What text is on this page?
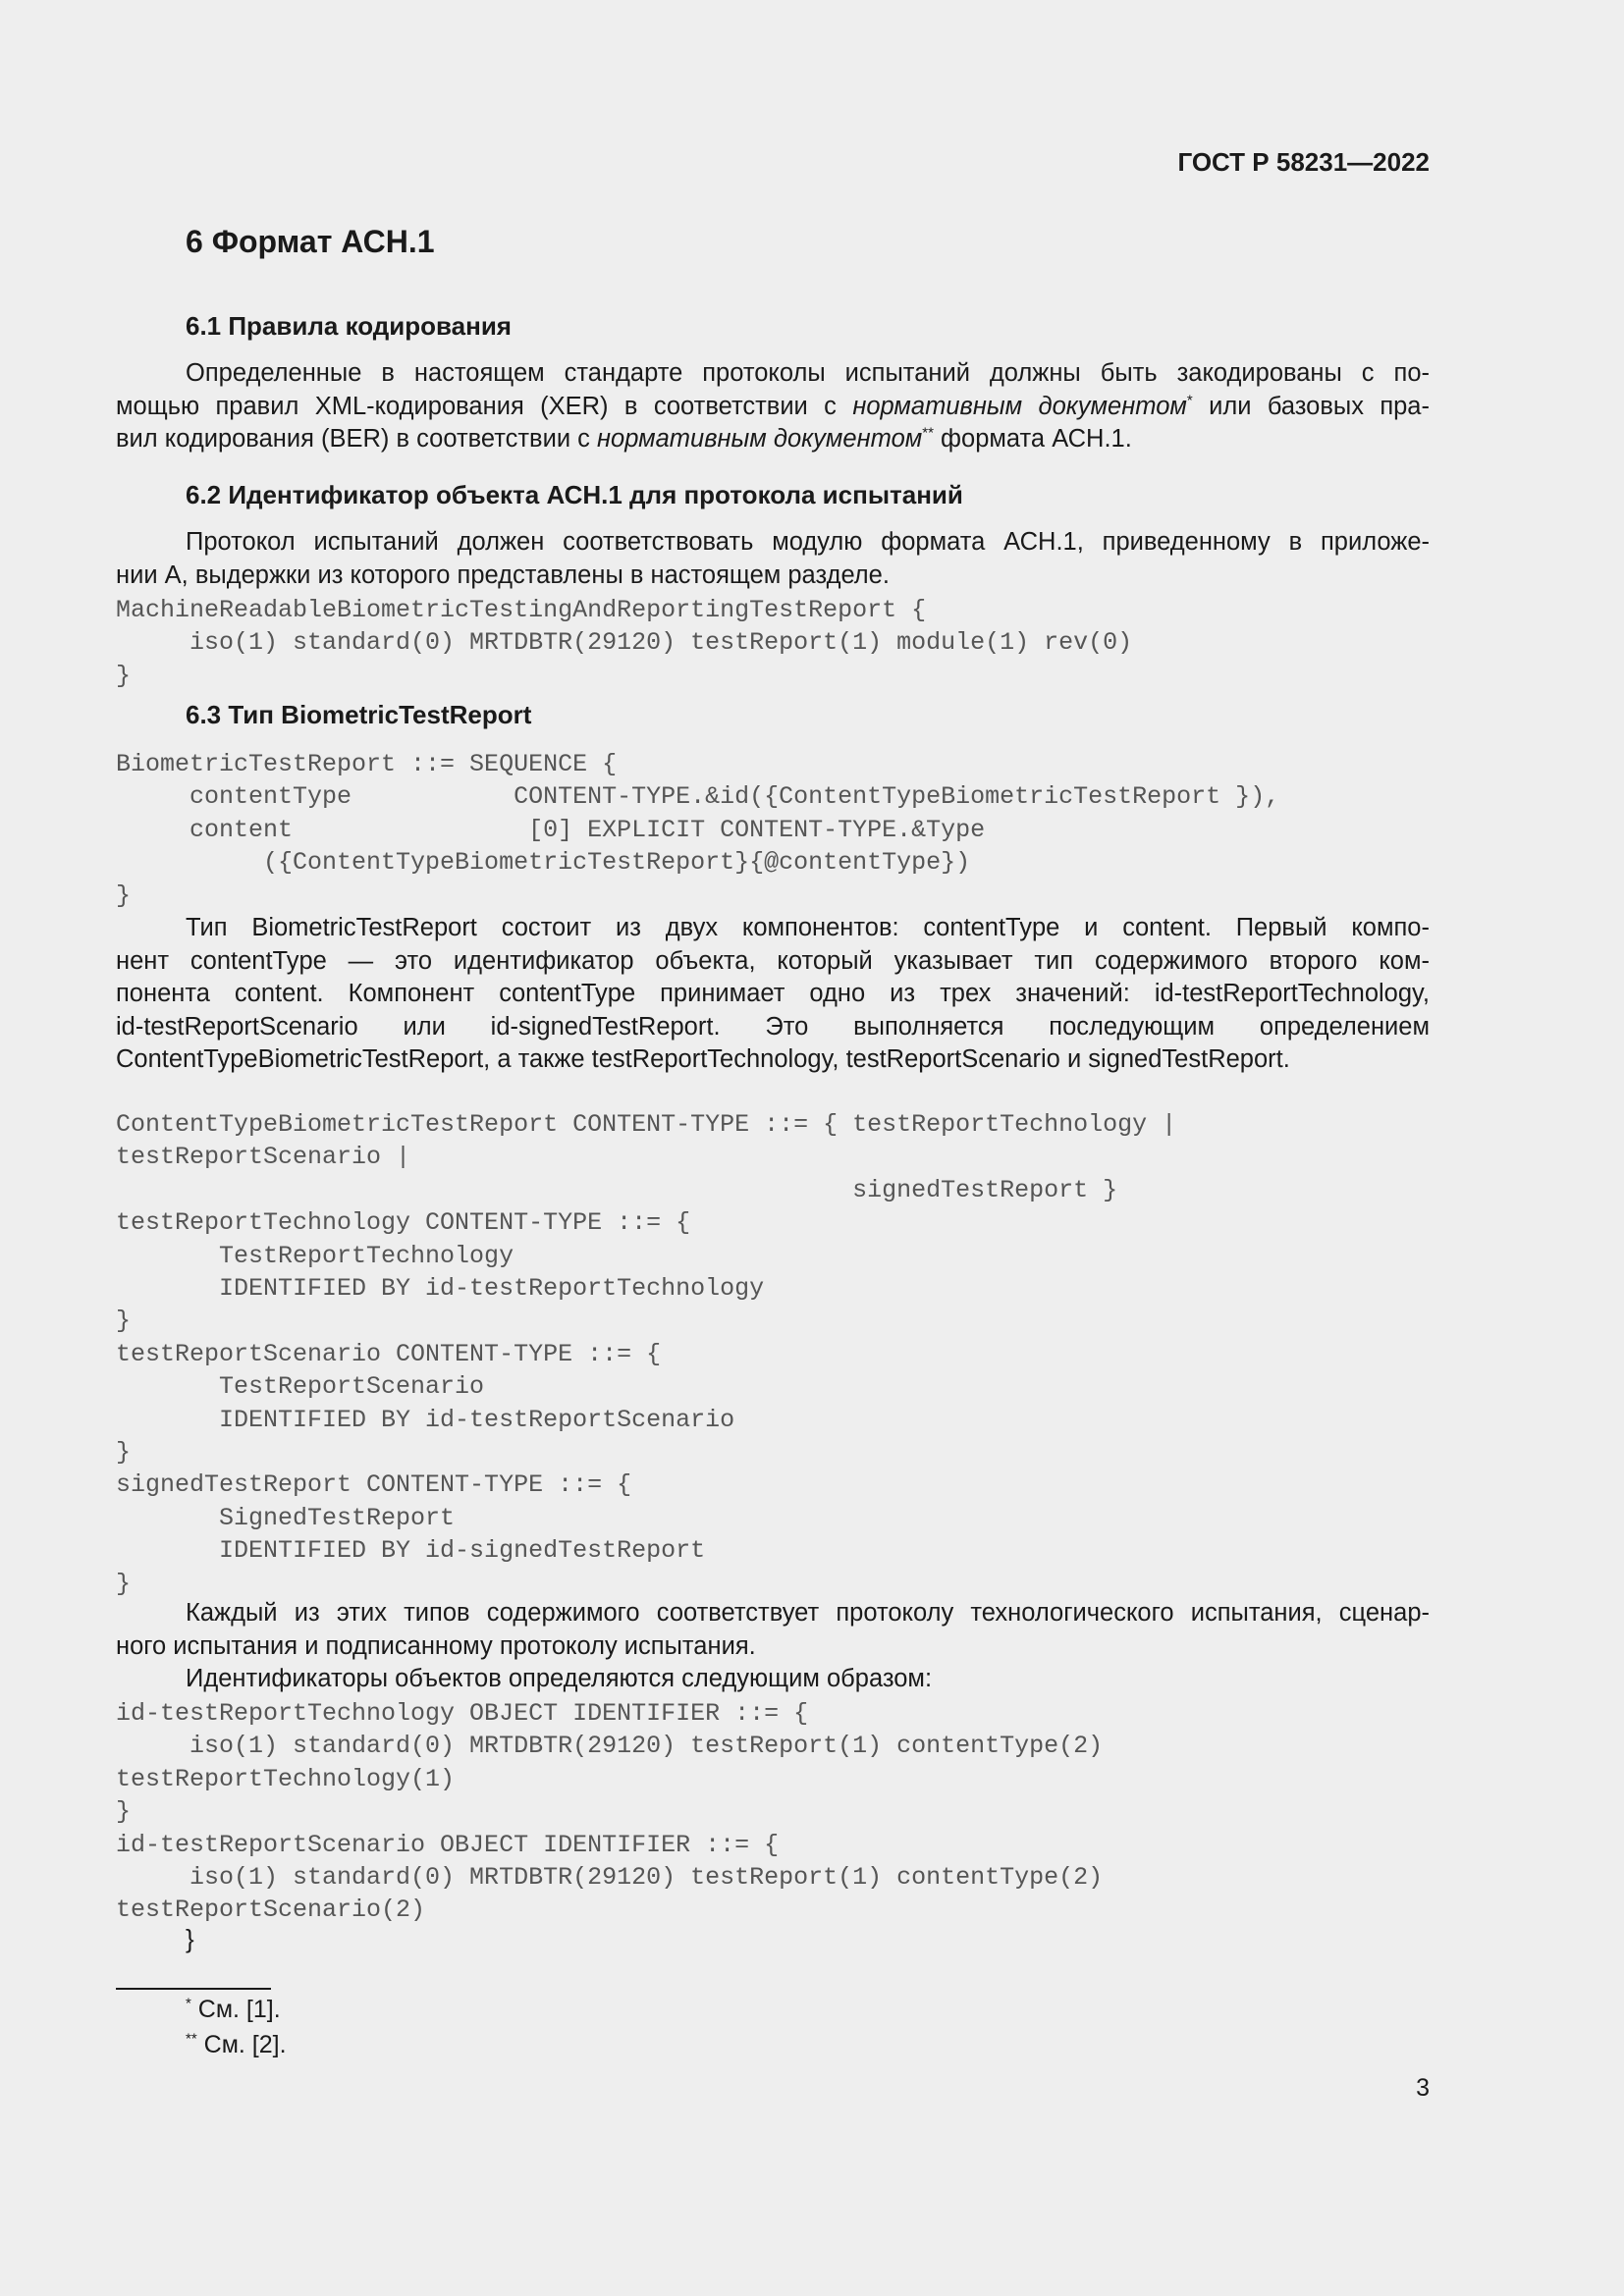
ГОСТ Р 58231—2022
6 Формат АСН.1
6.1 Правила кодирования
Определенные в настоящем стандарте протоколы испытаний должны быть закодированы с по-
мощью правил XML-кодирования (XER) в соответствии с нормативным документом* или базовых пра-
вил кодирования (BER) в соответствии с нормативным документом** формата АСН.1.
6.2 Идентификатор объекта АСН.1 для протокола испытаний
Протокол испытаний должен соответствовать модулю формата АСН.1, приведенному в приложе-
нии А, выдержки из которого представлены в настоящем разделе.
MachineReadableBiometricTestingAndReportingTestReport {
iso(1) standard(0) MRTDBTR(29120) testReport(1) module(1) rev(0)
}
6.3 Тип BiometricTestReport
BiometricTestReport ::= SEQUENCE {
contentType           CONTENT-TYPE.&id({ContentTypeBiometricTestReport }),
content                [0] EXPLICIT CONTENT-TYPE.&Type
({ContentTypeBiometricTestReport}{@contentType})
}
Тип BiometricTestReport состоит из двух компонентов: contentType и content. Первый компо-
нент contentType — это идентификатор объекта, который указывает тип содержимого второго ком-
понента content. Компонент contentType принимает одно из трех значений: id-testReportTechnology,
id-testReportScenario или id-signedTestReport. Это выполняется последующим определением
ContentTypeBiometricTestReport, а также testReportTechnology, testReportScenario и signedTestReport.
ContentTypeBiometricTestReport CONTENT-TYPE ::= { testReportTechnology |
testReportScenario |
signedTestReport }
testReportTechnology CONTENT-TYPE ::= {
TestReportTechnology
IDENTIFIED BY id-testReportTechnology
}
testReportScenario CONTENT-TYPE ::= {
TestReportScenario
IDENTIFIED BY id-testReportScenario
}
signedTestReport CONTENT-TYPE ::= {
SignedTestReport
IDENTIFIED BY id-signedTestReport
}
Каждый из этих типов содержимого соответствует протоколу технологического испытания, сценар-
ного испытания и подписанному протоколу испытания.
Идентификаторы объектов определяются следующим образом:
id-testReportTechnology OBJECT IDENTIFIER ::= {
iso(1) standard(0) MRTDBTR(29120) testReport(1) contentType(2)
testReportTechnology(1)
}
id-testReportScenario OBJECT IDENTIFIER ::= {
iso(1) standard(0) MRTDBTR(29120) testReport(1) contentType(2)
testReportScenario(2)
}
* См. [1].
** См. [2].
3
